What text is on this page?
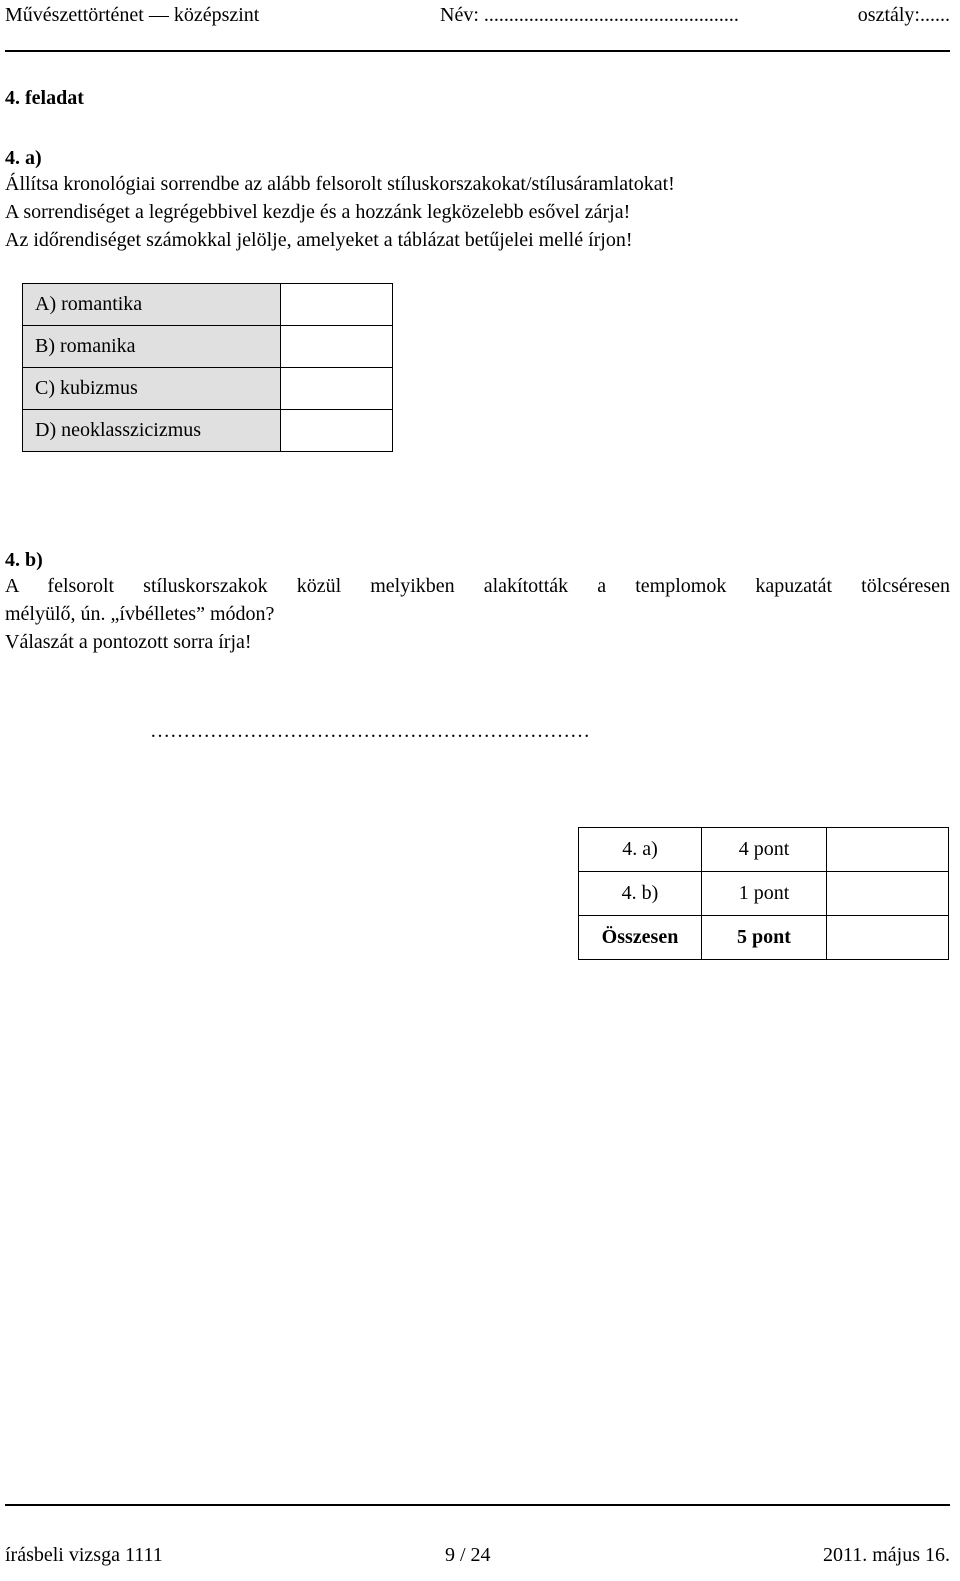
Művészettörténet — középszint	Név: ...................................................	osztály:......
4. feladat
4. a)

Állítsa kronológiai sorrendbe az alább felsorolt stíluskorszakokat/stílusáramlatokat!

A sorrendiséget a legrégebbivel kezdje és a hozzánk legközelebb esővel zárja!

Az időrendiséget számokkal jelölje, amelyeket a táblázat betűjelei mellé írjon!

A) romantika	
B) romanika	
C) kubizmus	
D) neoklasszicizmus	
4. b)

A felsorolt stíluskorszakok közül melyikben alakították a templomok kapuzatát tölcséresen

mélyülő, ún. „ívbélletes” módon?

Válaszát a pontozott sorra írja!

…………………………………………………………
4. a)	4 pont	
4. b)	1 pont	
Összesen	5 pont	
írásbeli vizsga 1111	9 / 24	2011. május 16.
